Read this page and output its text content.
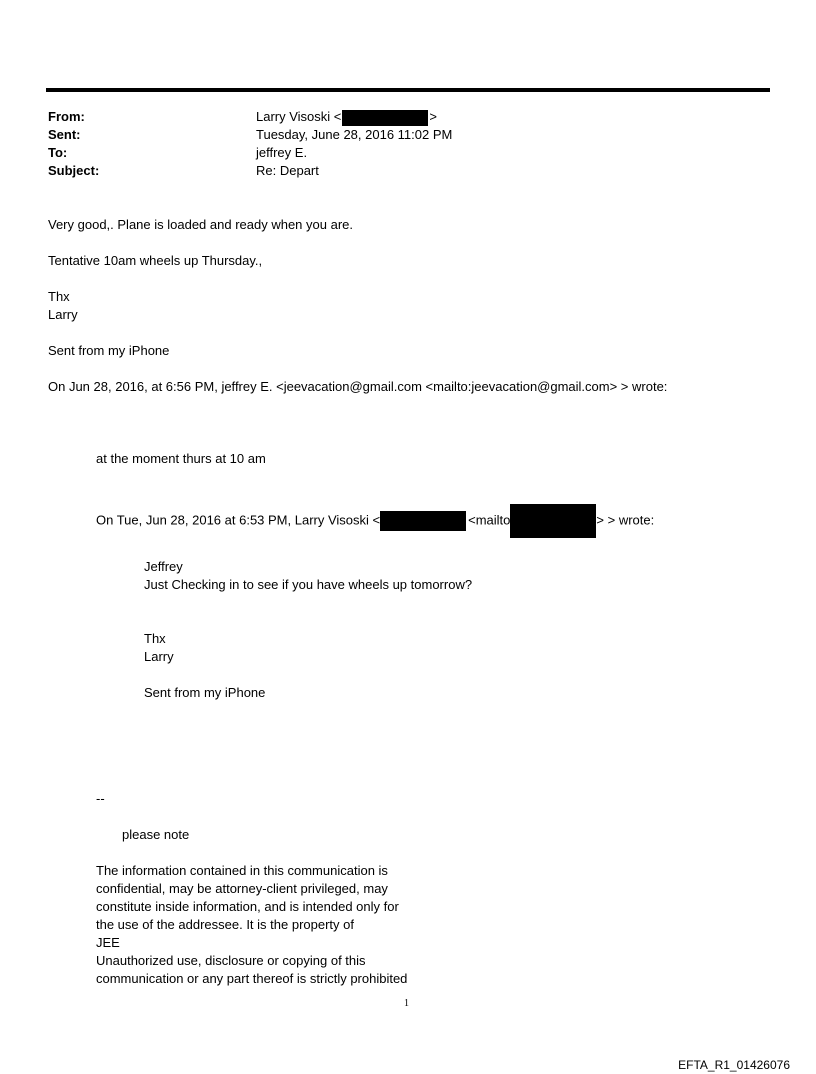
From:	Larry Visoski <	>
Sent:	Tuesday, June 28, 2016 11:02 PM
To:	jeffrey E.
Subject:	Re: Depart
Very good,. Plane is loaded and ready when you are.
Tentative 10am wheels up Thursday.,
Thx
Larry
Sent from my iPhone
On Jun 28, 2016, at 6:56 PM, jeffrey E. <jeevacation@gmail.com <mailto:jeevacation@gmail.com> > wrote:
at the moment thurs at 10 am
On Tue, Jun 28, 2016 at 6:53 PM, Larry Visoski <	<mailto	> > wrote:
Jeffrey
Just Checking in to see if you have wheels up tomorrow?
Thx
Larry
Sent from my iPhone
--
please note
The information contained in this communication is
confidential, may be attorney-client privileged, may
constitute inside information, and is intended only for
the use of the addressee. It is the property of
JEE
Unauthorized use, disclosure or copying of this
communication or any part thereof is strictly prohibited
1
EFTA_R1_01426076
